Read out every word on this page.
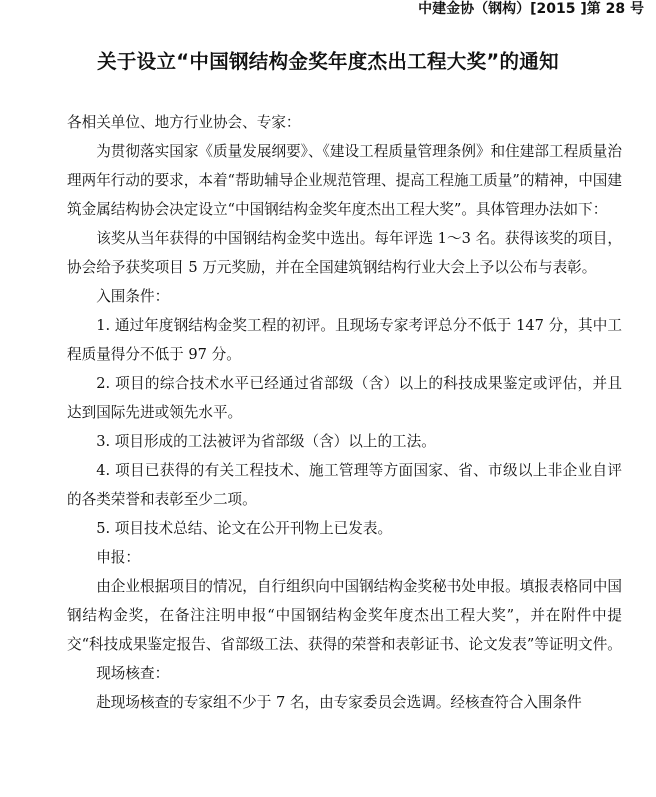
中建金协（钢构）[2015 ]第 28 号
关于设立“中国钢结构金奖年度杰出工程大奖”的通知

各相关单位、地方行业协会、专家：

为贯彻落实国家《质量发展纲要》、《建设工程质量管理条例》和住建部工程质量治理两年行动的要求，本着“帮助辅导企业规范管理、提高工程施工质量”的精神，中国建筑金属结构协会决定设立“中国钢结构金奖年度杰出工程大奖”。具体管理办法如下：

该奖从当年获得的中国钢结构金奖中选出。每年评选 1～3 名。获得该奖的项目，协会给予获奖项目 5 万元奖励，并在全国建筑钢结构行业大会上予以公布与表彰。

入围条件：

1. 通过年度钢结构金奖工程的初评。且现场专家考评总分不低于 147 分，其中工程质量得分不低于 97 分。

2. 项目的综合技术水平已经通过省部级（含）以上的科技成果鉴定或评估，并且达到国际先进或领先水平。

3. 项目形成的工法被评为省部级（含）以上的工法。

4. 项目已获得的有关工程技术、施工管理等方面国家、省、市级以上非企业自评的各类荣誉和表彰至少二项。

5. 项目技术总结、论文在公开刊物上已发表。

申报：

由企业根据项目的情况，自行组织向中国钢结构金奖秘书处申报。填报表格同中国钢结构金奖，在备注注明申报“中国钢结构金奖年度杰出工程大奖”，并在附件中提交“科技成果鉴定报告、省部级工法、获得的荣誉和表彰证书、论文发表”等证明文件。

现场核查：

赴现场核查的专家组不少于 7 名，由专家委员会选调。经核查符合入围条件
